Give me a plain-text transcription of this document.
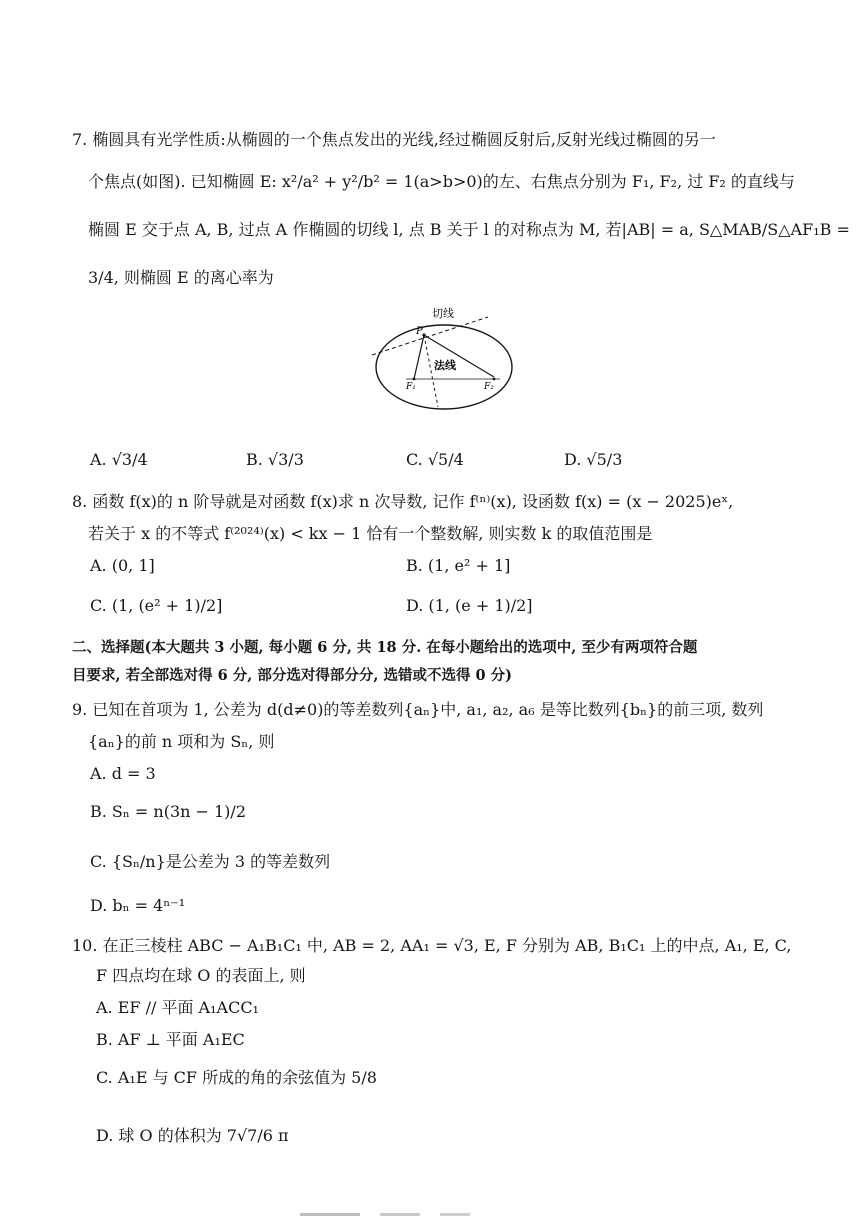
7. 椭圆具有光学性质:从椭圆的一个焦点发出的光线,经过椭圆反射后,反射光线过椭圆的另一
个焦点(如图). 已知椭圆 E: x²/a² + y²/b² = 1(a>b>0)的左、右焦点分别为 F₁, F₂, 过 F₂ 的直线与
椭圆 E 交于点 A, B, 过点 A 作椭圆的切线 l, 点 B 关于 l 的对称点为 M, 若|AB| = a, S△MAB/S△AF₁B =
3/4, 则椭圆 E 的离心率为
切线
法线
P
F₁	F₂
A. √3/4	B. √3/3	C. √5/4	D. √5/3
8. 函数 f(x)的 n 阶导就是对函数 f(x)求 n 次导数, 记作 f⁽ⁿ⁾(x), 设函数 f(x) = (x − 2025)eˣ,
若关于 x 的不等式 f⁽²⁰²⁴⁾(x) < kx − 1 恰有一个整数解, 则实数 k 的取值范围是
A. (0, 1]	B. (1, e² + 1]
C. (1, (e² + 1)/2]	D. (1, (e + 1)/2]
二、选择题(本大题共 3 小题, 每小题 6 分, 共 18 分. 在每小题给出的选项中, 至少有两项符合题
目要求, 若全部选对得 6 分, 部分选对得部分分, 选错或不选得 0 分)
9. 已知在首项为 1, 公差为 d(d≠0)的等差数列{aₙ}中, a₁, a₂, a₆ 是等比数列{bₙ}的前三项, 数列
{aₙ}的前 n 项和为 Sₙ, 则
A. d = 3
B. Sₙ = n(3n − 1)/2
C. {Sₙ/n}是公差为 3 的等差数列
D. bₙ = 4ⁿ⁻¹
10. 在正三棱柱 ABC − A₁B₁C₁ 中, AB = 2, AA₁ = √3, E, F 分别为 AB, B₁C₁ 上的中点, A₁, E, C,
F 四点均在球 O 的表面上, 则
A. EF // 平面 A₁ACC₁
B. AF ⊥ 平面 A₁EC
C. A₁E 与 CF 所成的角的余弦值为 5/8
D. 球 O 的体积为 7√7/6 π
